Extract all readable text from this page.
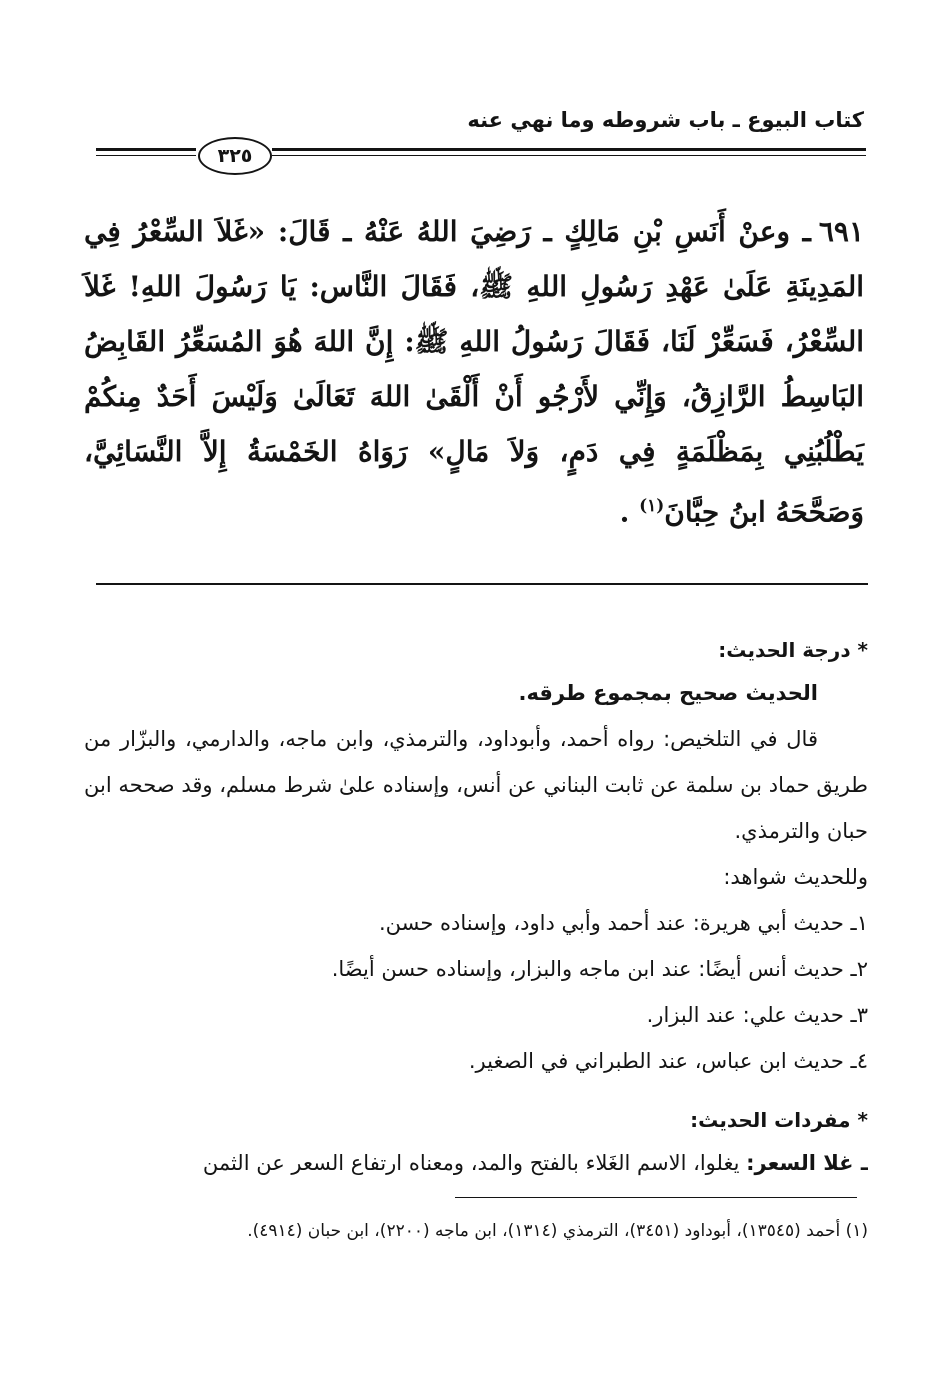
كتاب البيوع ـ باب شروطه وما نهي عنه
٣٢٥
٦٩١ـ وعنْ أَنَسِ بْنِ مَالِكٍ ـ رَضِيَ اللهُ عَنْهُ ـ قَالَ: «غَلاَ السِّعْرُ فِي المَدِينَةِ عَلَىٰ عَهْدِ رَسُولِ اللهِ ﷺ، فَقَالَ النَّاس: يَا رَسُولَ اللهِ! غَلاَ السِّعْرُ، فَسَعِّرْ لَنَا، فَقَالَ رَسُولُ اللهِ ﷺ: إِنَّ اللهَ هُوَ المُسَعِّرُ القَابِضُ البَاسِطُ الرَّازِقُ، وَإِنِّي لأَرْجُو أَنْ أَلْقَىٰ اللهَ تَعَالَىٰ وَلَيْسَ أَحَدٌ مِنكُمْ يَطْلُبُنِي بِمَظْلَمَةٍ فِي دَمٍ، وَلاَ مَالٍ» رَوَاهُ الخَمْسَةُ إِلاَّ النَّسَائِيَّ، وَصَحَّحَهُ ابنُ حِبَّانَ$^{(١)}$ .
* درجة الحديث:
الحديث صحيح بمجموع طرقه.
قال في التلخيص: رواه أحمد، وأبوداود، والترمذي، وابن ماجه، والدارمي، والبزّار من طريق حماد بن سلمة عن ثابت البناني عن أنس، وإسناده علىٰ شرط مسلم، وقد صححه ابن حبان والترمذي.
وللحديث شواهد:
١ـ حديث أبي هريرة: عند أحمد وأبي داود، وإسناده حسن.
٢ـ حديث أنس أيضًا: عند ابن ماجه والبزار، وإسناده حسن أيضًا.
٣ـ حديث علي: عند البزار.
٤ـ حديث ابن عباس، عند الطبراني في الصغير.
* مفردات الحديث:
ـ غلا السعر: يغلوا، الاسم الغَلاء بالفتح والمد، ومعناه ارتفاع السعر عن الثمن
(١) أحمد (١٣٥٤٥)، أبوداود (٣٤٥١)، الترمذي (١٣١٤)، ابن ماجه (٢٢٠٠)، ابن حبان (٤٩١٤).
